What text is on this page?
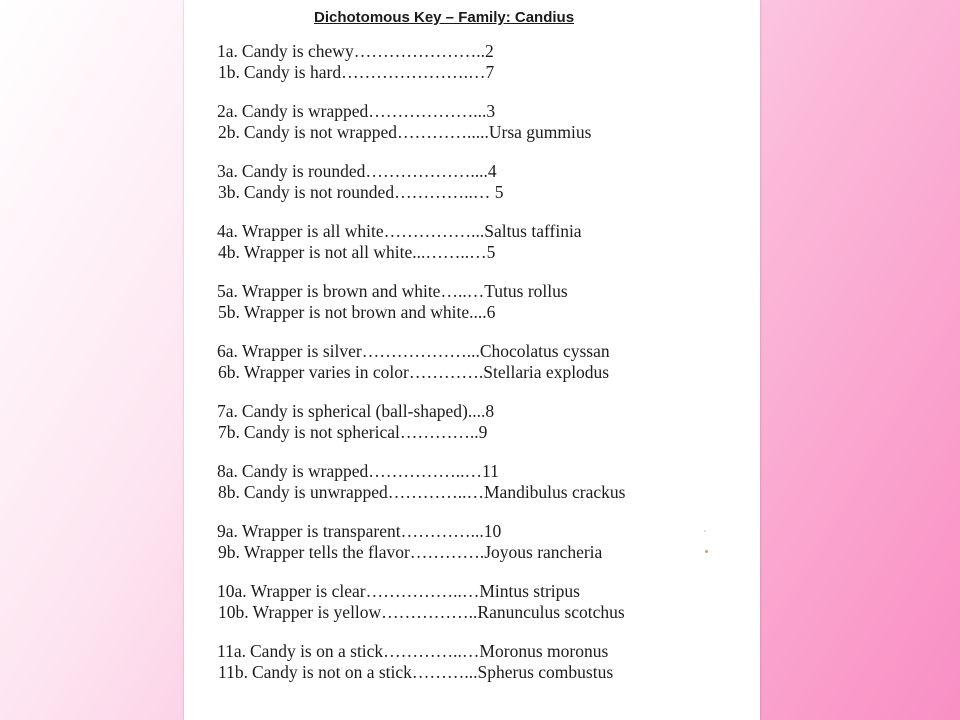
Dichotomous Key – Family: Candius
1a. Candy is chewy…………………..2
1b. Candy is hard………………….…7
2a. Candy is wrapped………………...3
2b. Candy is not wrapped………….....Ursa gummius
3a. Candy is rounded………………....4
3b. Candy is not rounded…………..… 5
4a. Wrapper is all white……………...Saltus taffinia
4b. Wrapper is not all white...……..…5
5a. Wrapper is brown and white…..…Tutus rollus
5b. Wrapper is not brown and white....6
6a. Wrapper is silver………………...Chocolatus cyssan
6b. Wrapper varies in color………….Stellaria explodus
7a. Candy is spherical (ball-shaped)....8
7b. Candy is not spherical…………..9
8a. Candy is wrapped……………..…11
8b. Candy is unwrapped…………..…Mandibulus crackus
9a. Wrapper is transparent…………...10
9b. Wrapper tells the flavor………….Joyous rancheria
10a. Wrapper is clear……………..…Mintus stripus
10b. Wrapper is yellow……………..Ranunculus scotchus
11a. Candy is on a stick…………..…Moronus moronus
11b. Candy is not on a stick………...Spherus combustus
